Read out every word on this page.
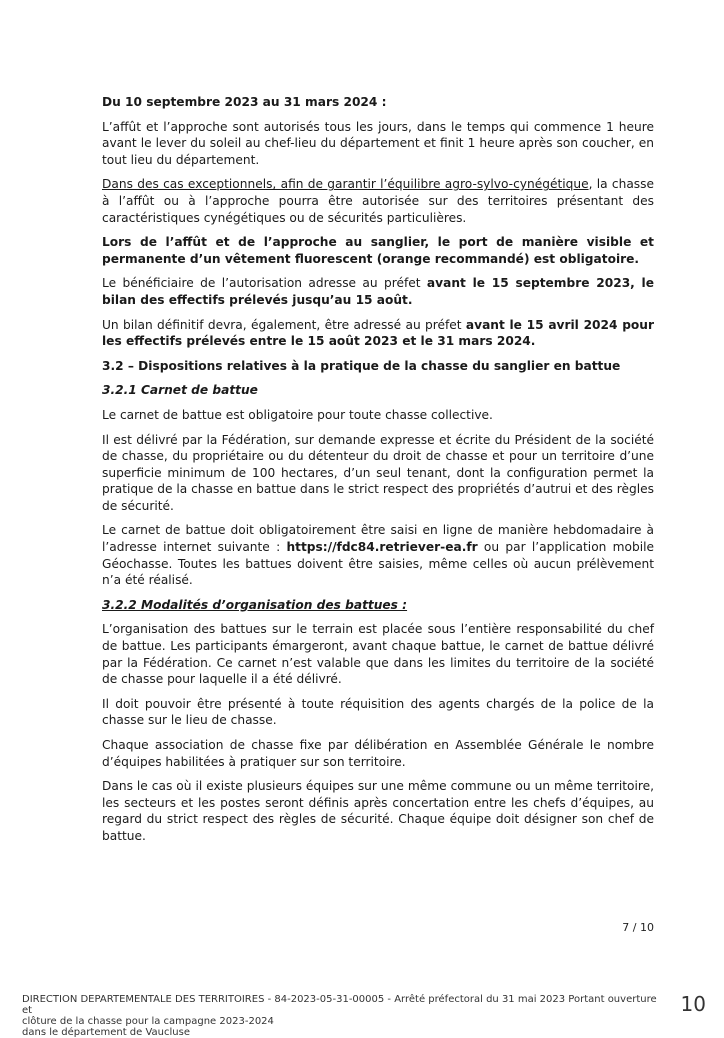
Du 10 septembre 2023 au 31 mars 2024 :

L’affût et l’approche sont autorisés tous les jours, dans le temps qui commence 1 heure avant le lever du soleil au chef-lieu du département et finit 1 heure après son coucher, en tout lieu du département.

Dans des cas exceptionnels, afin de garantir l’équilibre agro-sylvo-cynégétique, la chasse à l’affût ou à l’approche pourra être autorisée sur des territoires présentant des caractéristiques cynégétiques ou de sécurités particulières.

Lors de l’affût et de l’approche au sanglier, le port de manière visible et permanente d’un vêtement fluorescent (orange recommandé) est obligatoire.

Le bénéficiaire de l’autorisation adresse au préfet avant le 15 septembre 2023, le bilan des effectifs prélevés jusqu’au 15 août.

Un bilan définitif devra, également, être adressé au préfet avant le 15 avril 2024 pour les effectifs prélevés entre le 15 août 2023 et le 31 mars 2024.

3.2 – Dispositions relatives à la pratique de la chasse du sanglier en battue

3.2.1 Carnet de battue

Le carnet de battue est obligatoire pour toute chasse collective.

Il est délivré par la Fédération, sur demande expresse et écrite du Président de la société de chasse, du propriétaire ou du détenteur du droit de chasse et pour un territoire d’une superficie minimum de 100 hectares, d’un seul tenant, dont la configuration permet la pratique de la chasse en battue dans le strict respect des propriétés d’autrui et des règles de sécurité.

Le carnet de battue doit obligatoirement être saisi en ligne de manière hebdomadaire à l’adresse internet suivante : https://fdc84.retriever-ea.fr ou par l’application mobile Géochasse. Toutes les battues doivent être saisies, même celles où aucun prélèvement n’a été réalisé.

3.2.2 Modalités d’organisation des battues :

L’organisation des battues sur le terrain est placée sous l’entière responsabilité du chef de battue. Les participants émargeront, avant chaque battue, le carnet de battue délivré par la Fédération. Ce carnet n’est valable que dans les limites du territoire de la société de chasse pour laquelle il a été délivré.

Il doit pouvoir être présenté à toute réquisition des agents chargés de la police de la chasse sur le lieu de chasse.

Chaque association de chasse fixe par délibération en Assemblée Générale le nombre d’équipes habilitées à pratiquer sur son territoire.

Dans le cas où il existe plusieurs équipes sur une même commune ou un même territoire, les secteurs et les postes seront définis après concertation entre les chefs d’équipes, au regard du strict respect des règles de sécurité. Chaque équipe doit désigner son chef de battue.

7 / 10
DIRECTION DEPARTEMENTALE DES TERRITOIRES - 84-2023-05-31-00005 - Arrêté préfectoral du 31 mai 2023 Portant ouverture et
clôture de la chasse pour la campagne 2023-2024
dans le département de Vaucluse
10
